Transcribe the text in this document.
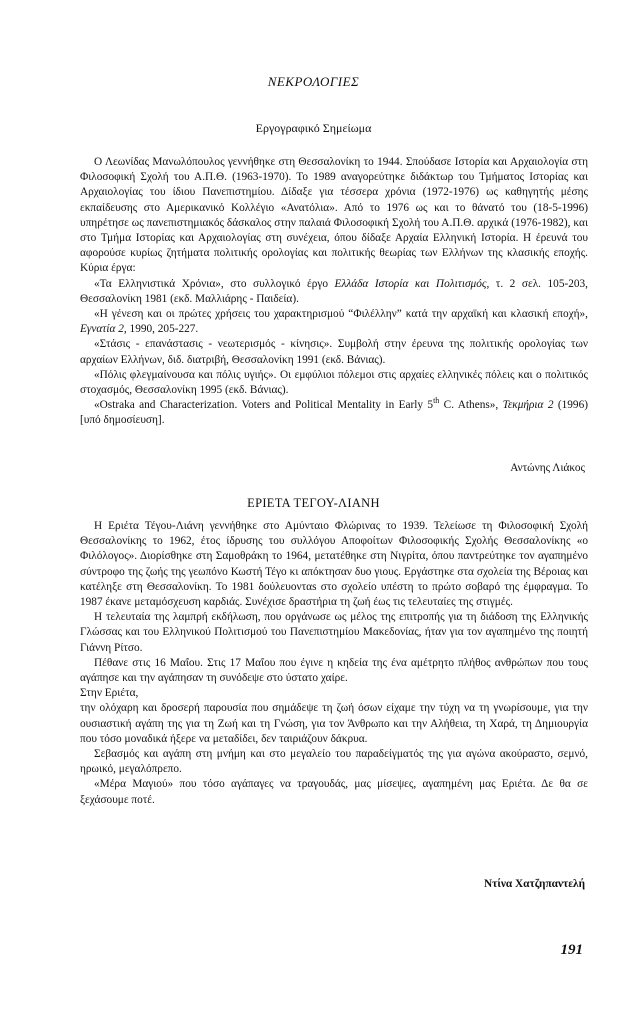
ΝΕΚΡΟΛΟΓΙΕΣ
Εργογραφικό Σημείωμα

Ο Λεωνίδας Μανωλόπουλος γεννήθηκε στη Θεσσαλονίκη το 1944. Σπούδασε Ιστορία και Αρχαιολογία στη Φιλοσοφική Σχολή του Α.Π.Θ. (1963-1970). Το 1989 αναγορεύτηκε διδάκτωρ του Τμήματος Ιστορίας και Αρχαιολογίας του ίδιου Πανεπιστημίου. Δίδαξε για τέσσερα χρόνια (1972-1976) ως καθηγητής μέσης εκπαίδευσης στο Αμερικανικό Κολλέγιο «Ανατόλια». Από το 1976 ως και το θάνατό του (18-5-1996) υπηρέτησε ως πανεπιστημιακός δάσκαλος στην παλαιά Φιλοσοφική Σχολή του Α.Π.Θ. αρχικά (1976-1982), και στο Τμήμα Ιστορίας και Αρχαιολογίας στη συνέχεια, όπου δίδαξε Αρχαία Ελληνική Ιστορία. Η έρευνά του αφορούσε κυρίως ζητήματα πολιτικής ορολογίας και πολιτικής θεωρίας των Ελλήνων της κλασικής εποχής. Κύρια έργα:

«Τα Ελληνιστικά Χρόνια», στο συλλογικό έργο Ελλάδα Ιστορία και Πολιτισμός, τ. 2 σελ. 105-203, Θεσσαλονίκη 1981 (εκδ. Μαλλιάρης - Παιδεία).

«Η γένεση και οι πρώτες χρήσεις του χαρακτηρισμού “Φιλέλλην” κατά την αρχαϊκή και κλασική εποχή», Εγνατία 2, 1990, 205-227.

«Στάσις - επανάστασις - νεωτερισμός - κίνησις». Συμβολή στην έρευνα της πολιτικής ορολογίας των αρχαίων Ελλήνων, διδ. διατριβή, Θεσσαλονίκη 1991 (εκδ. Βάνιας).

«Πόλις φλεγμαίνουσα και πόλις υγιής». Οι εμφύλιοι πόλεμοι στις αρχαίες ελληνικές πόλεις και ο πολιτικός στοχασμός, Θεσσαλονίκη 1995 (εκδ. Βάνιας).

«Ostraka and Characterization. Voters and Political Mentality in Early 5th C. Athens», Τεκμήρια 2 (1996) [υπό δημοσίευση].

Αντώνης Λιάκος
ΕΡΙΕΤΑ ΤΕΓΟΥ-ΛΙΑΝΗ

Η Εριέτα Τέγου-Λιάνη γεννήθηκε στο Αμύνταιο Φλώρινας το 1939. Τελείωσε τη Φιλοσοφική Σχολή Θεσσαλονίκης το 1962, έτος ίδρυσης του συλλόγου Αποφοίτων Φιλοσοφικής Σχολής Θεσσαλονίκης «ο Φιλόλογος». Διορίσθηκε στη Σαμοθράκη το 1964, μετατέθηκε στη Νιγρίτα, όπου παντρεύτηκε τον αγαπημένο σύντροφο της ζωής της γεωπόνο Κωστή Τέγο κι απόκτησαν δυο γιους. Εργάστηκε στα σχολεία της Βέροιας και κατέληξε στη Θεσσαλονίκη. Το 1981 δούλευονταs στο σχολείο υπέστη το πρώτο σοβαρό της έμφραγμα. Το 1987 έκανε μεταμόσχευση καρδιάς. Συνέχισε δραστήρια τη ζωή έως τις τελευταίες της στιγμές.

Η τελευταία της λαμπρή εκδήλωση, που οργάνωσε ως μέλος της επιτροπής για τη διάδοση της Ελληνικής Γλώσσας και του Ελληνικού Πολιτισμού του Πανεπιστημίου Μακεδονίας, ήταν για τον αγαπημένο της ποιητή Γιάννη Ρίτσο.

Πέθανε στις 16 Μαΐου. Στις 17 Μαΐου που έγινε η κηδεία της ένα αμέτρητο πλήθος ανθρώπων που τους αγάπησε και την αγάπησαν τη συνόδεψε στο ύστατο χαίρε.

Στην Εριέτα,

την ολόχαρη και δροσερή παρουσία που σημάδεψε τη ζωή όσων είχαμε την τύχη να τη γνωρίσουμε, για την ουσιαστική αγάπη της για τη Ζωή και τη Γνώση, για τον Άνθρωπο και την Αλήθεια, τη Χαρά, τη Δημιουργία που τόσο μοναδικά ήξερε να μεταδίδει, δεν ταιριάζουν δάκρυα.

Σεβασμός και αγάπη στη μνήμη και στο μεγαλείο του παραδείγματός της για αγώνα ακούραστο, σεμνό, ηρωικό, μεγαλόπρεπο.

«Μέρα Μαγιού» που τόσο αγάπαγες να τραγουδάς, μας μίσεψες, αγαπημένη μας Εριέτα. Δε θα σε ξεχάσουμε ποτέ.

Ντίνα Χατζηπαντελή
191
